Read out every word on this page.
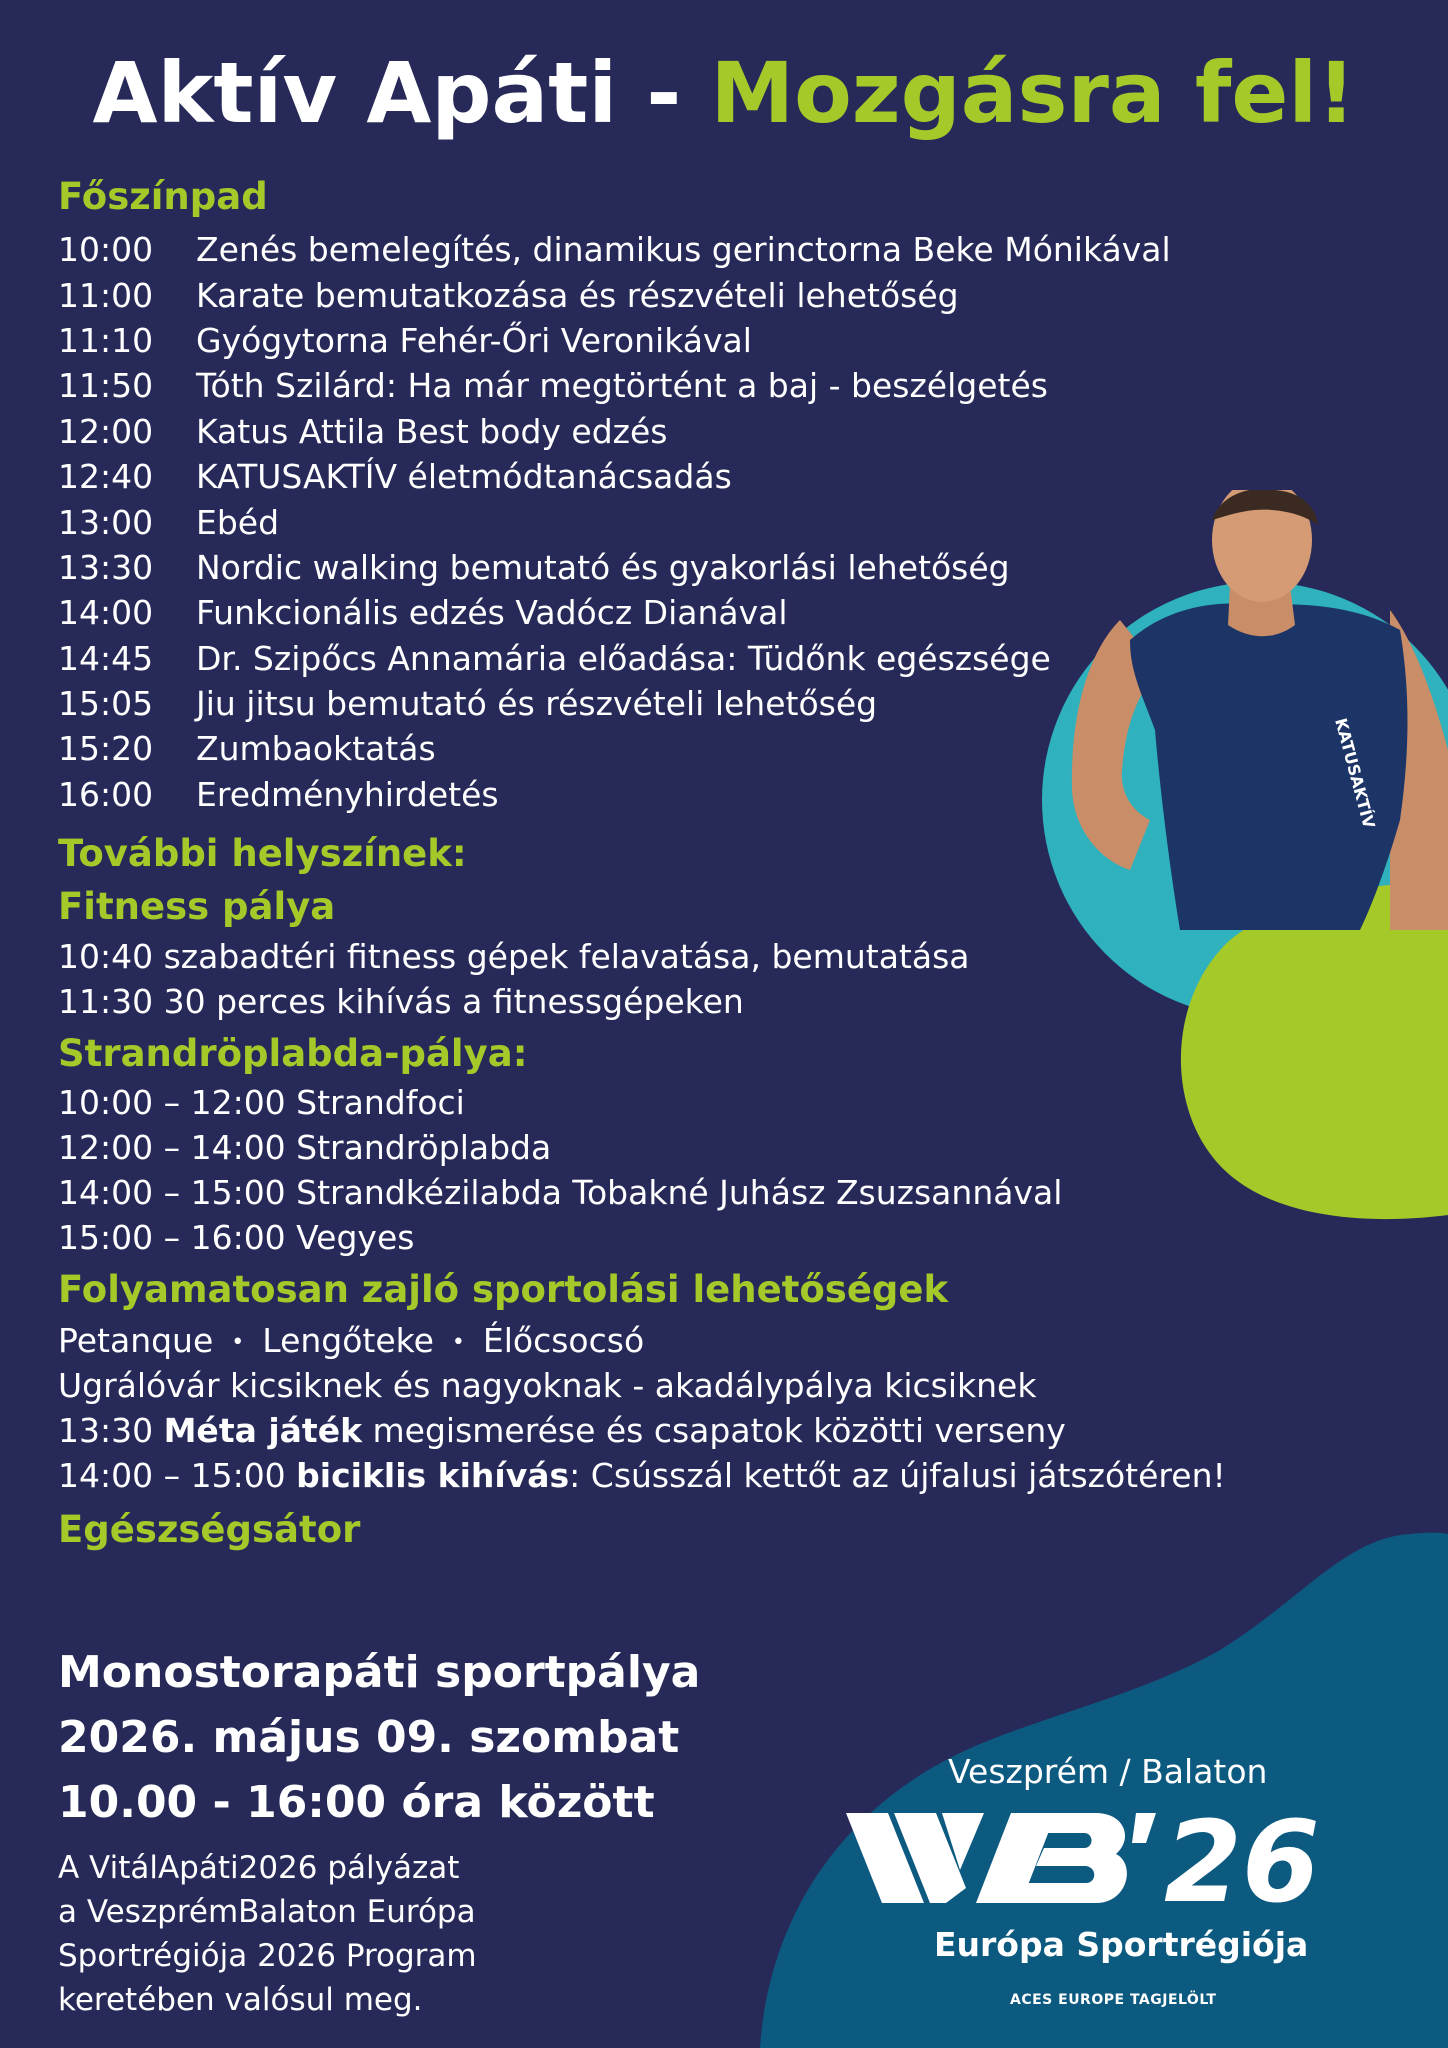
KATUSAKTÍV
Aktív Apáti - Mozgásra fel!
Főszínpad
10:00	Zenés bemelegítés, dinamikus gerinctorna Beke Mónikával
11:00	Karate bemutatkozása és részvételi lehetőség
11:10	Gyógytorna Fehér-Őri Veronikával
11:50	Tóth Szilárd: Ha már megtörtént a baj - beszélgetés
12:00	Katus Attila Best body edzés
12:40	KATUSAKTÍV életmódtanácsadás
13:00	Ebéd
13:30	Nordic walking bemutató és gyakorlási lehetőség
14:00	Funkcionális edzés Vadócz Dianával
14:45	Dr. Szipőcs Annamária előadása: Tüdőnk egészsége
15:05	Jiu jitsu bemutató és részvételi lehetőség
15:20	Zumbaoktatás
16:00	Eredményhirdetés
További helyszínek:
Fitness pálya
10:40 szabadtéri fitness gépek felavatása, bemutatása
11:30 30 perces kihívás a fitnessgépeken
Strandröplabda-pálya:
10:00 – 12:00 Strandfoci
12:00 – 14:00 Strandröplabda
14:00 – 15:00 Strandkézilabda Tobakné Juhász Zsuzsannával
15:00 – 16:00 Vegyes
Folyamatosan zajló sportolási lehetőségek
Petanque • Lengőteke • Élőcsocsó
Ugrálóvár kicsiknek és nagyoknak - akadálypálya kicsiknek
13:30 Méta játék megismerése és csapatok közötti verseny
14:00 – 15:00 biciklis kihívás: Csússzál kettőt az újfalusi játszótéren!
Egészségsátor
Monostorapáti sportpálya
2026. május 09. szombat
10.00 - 16:00 óra között
A VitálApáti2026 pályázat
a VeszprémBalaton Európa
Sportrégiója 2026 Program
keretében valósul meg.
Veszprém / Balaton
26
Európa Sportrégiója
ACES EUROPE TAGJELÖLT
